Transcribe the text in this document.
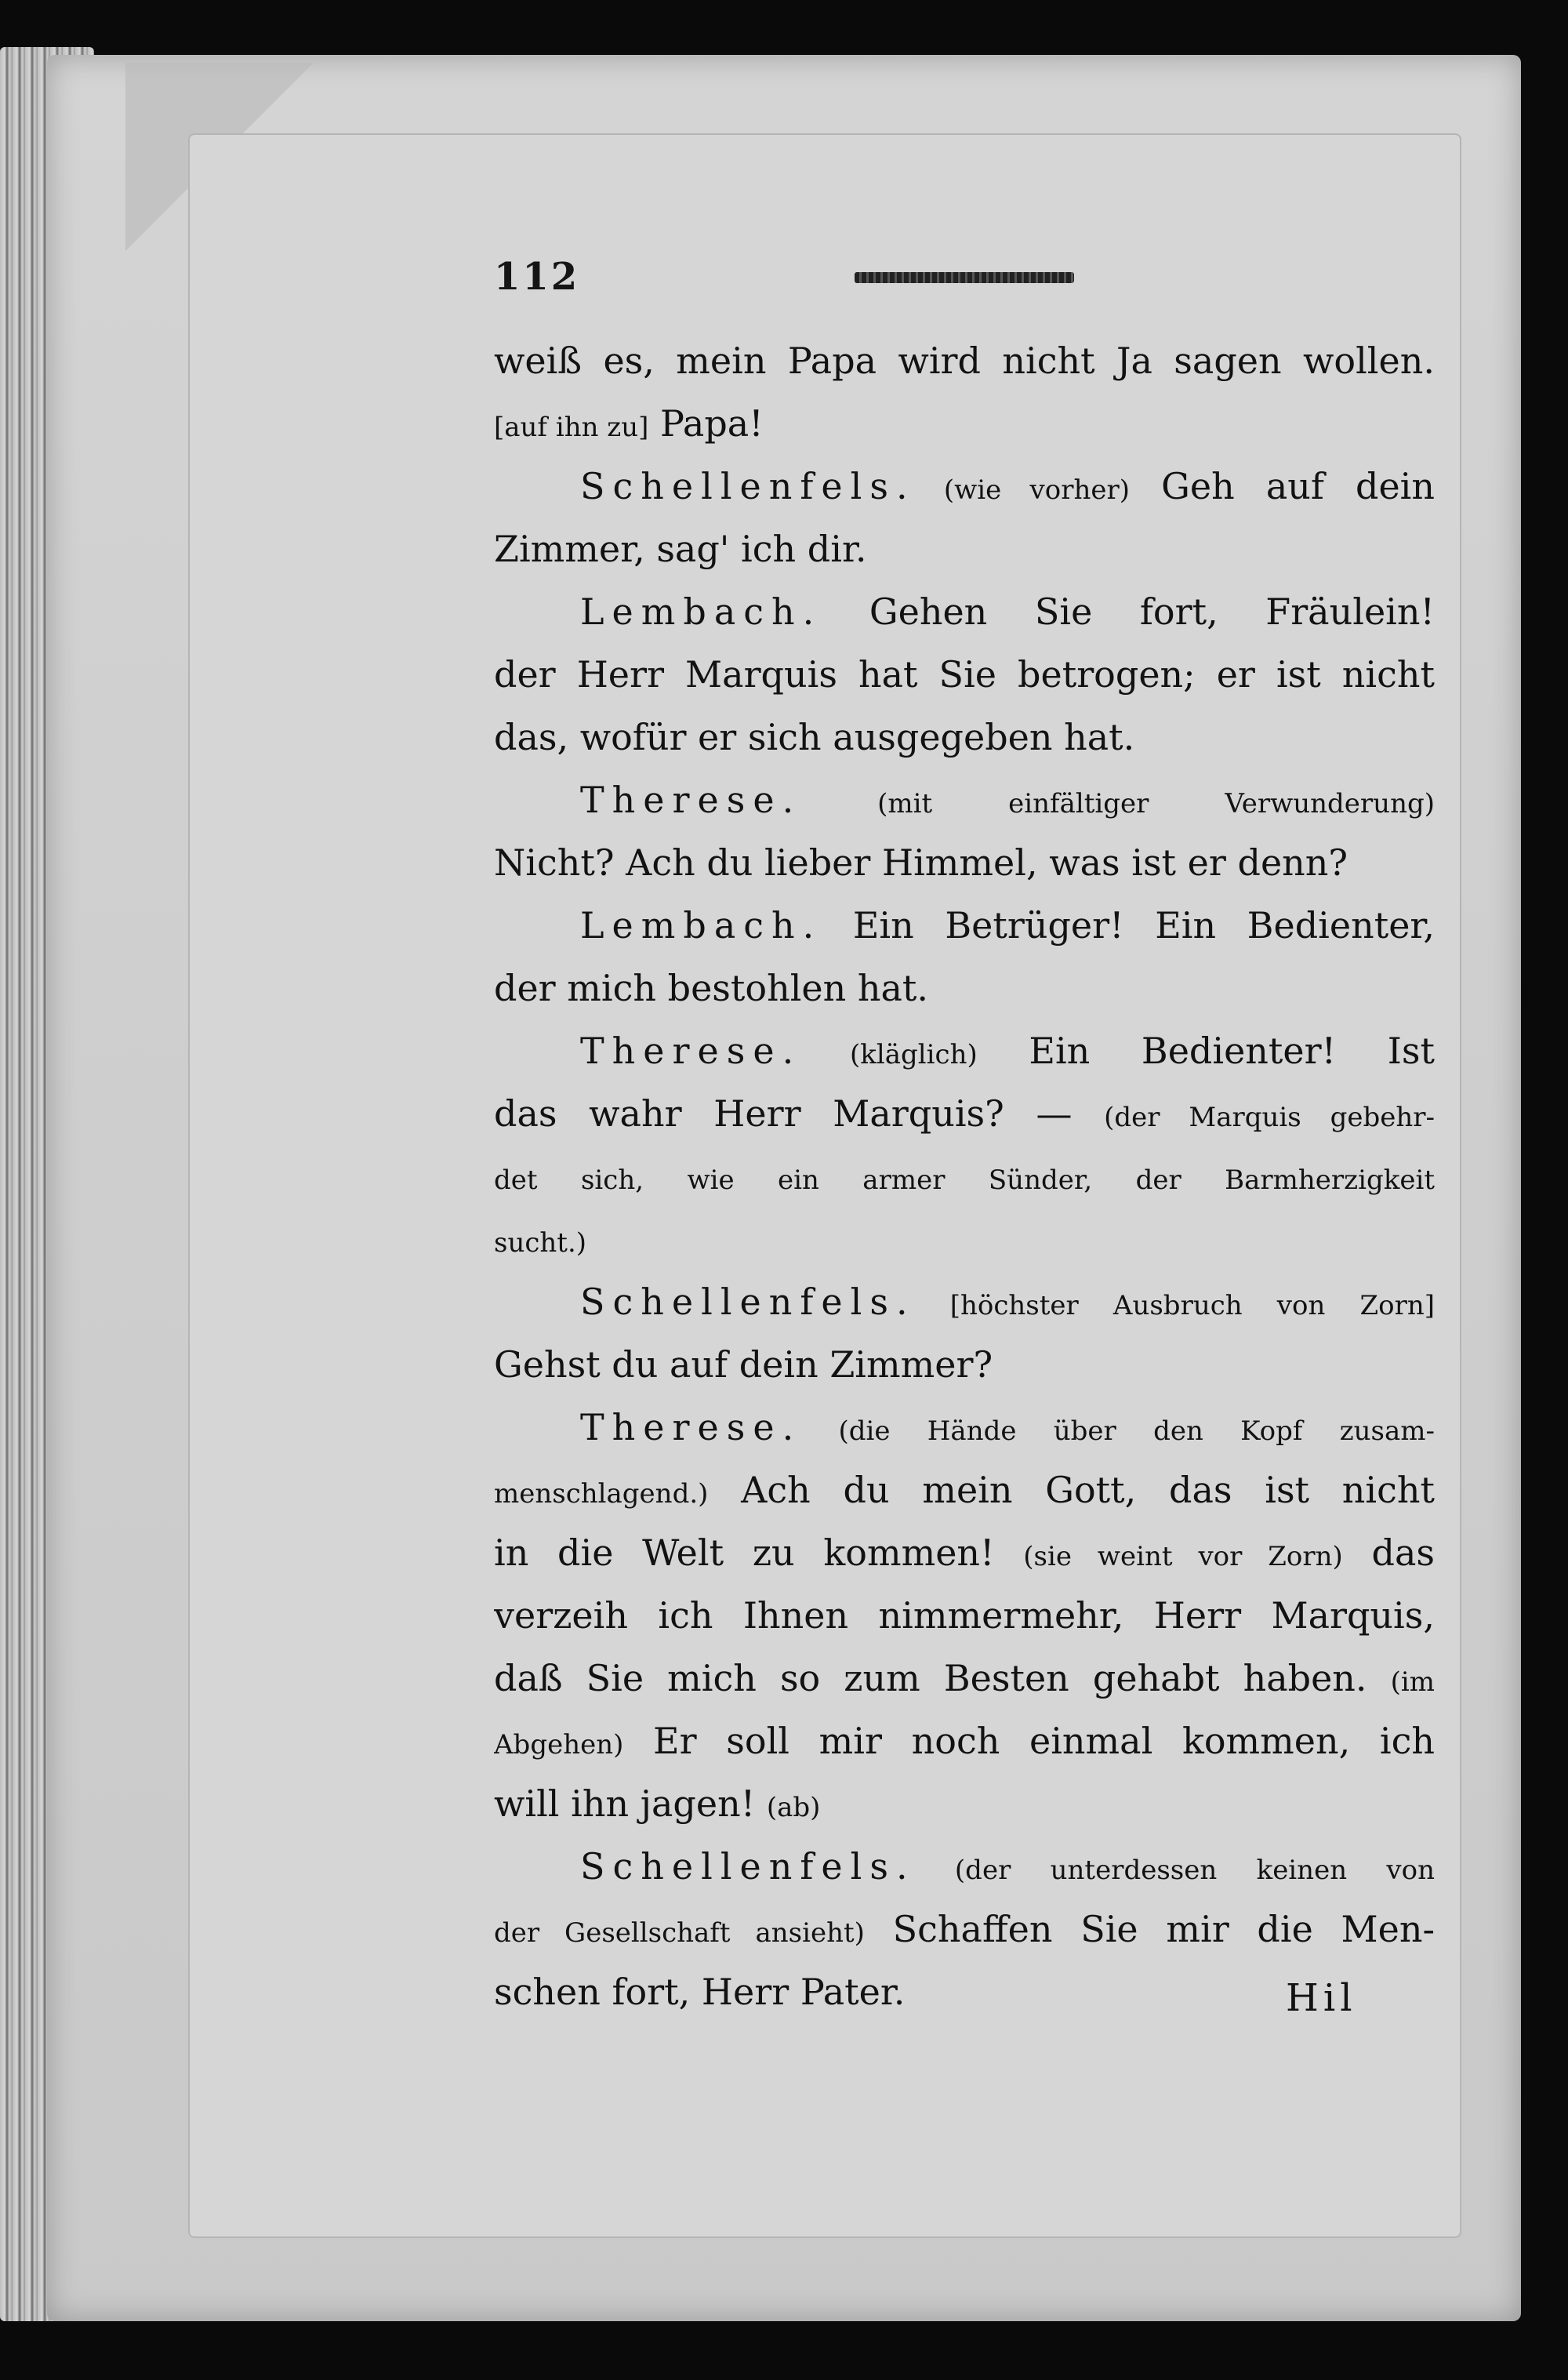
112
weiß es, mein Papa wird nicht Ja sagen wollen.
[auf ihn zu] Papa!
Schellenfels. (wie vorher) Geh auf dein
Zimmer, sag' ich dir.
Lembach. Gehen Sie fort, Fräulein!
der Herr Marquis hat Sie betrogen; er ist nicht
das, wofür er sich ausgegeben hat.
Therese. (mit einfältiger Verwunderung)
Nicht? Ach du lieber Himmel, was ist er denn?
Lembach. Ein Betrüger! Ein Bedienter,
der mich bestohlen hat.
Therese. (kläglich) Ein Bedienter! Ist
das wahr Herr Marquis? — (der Marquis gebehr-
det sich, wie ein armer Sünder, der Barmherzigkeit
sucht.)
Schellenfels. [höchster Ausbruch von Zorn]
Gehst du auf dein Zimmer?
Therese. (die Hände über den Kopf zusam-
menschlagend.) Ach du mein Gott, das ist nicht
in die Welt zu kommen! (sie weint vor Zorn) das
verzeih ich Ihnen nimmermehr, Herr Marquis,
daß Sie mich so zum Besten gehabt haben. (im
Abgehen) Er soll mir noch einmal kommen, ich
will ihn jagen! (ab)
Schellenfels. (der unterdessen keinen von
der Gesellschaft ansieht) Schaffen Sie mir die Men-
schen fort, Herr Pater.	Hil
